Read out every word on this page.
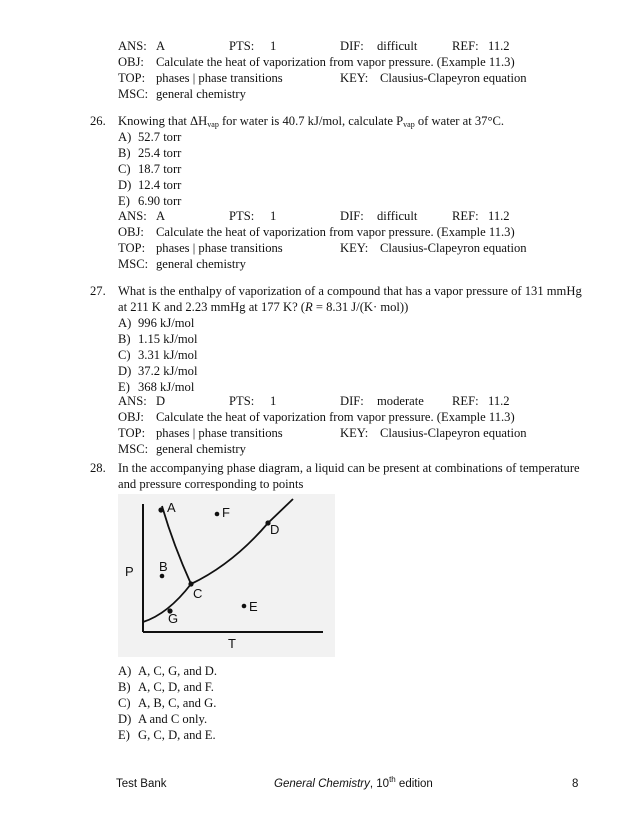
ANS: A	PTS: 1	DIF: difficult	REF: 11.2
OBJ: Calculate the heat of vaporization from vapor pressure. (Example 11.3)
TOP: phases | phase transitions	KEY: Clausius-Clapeyron equation
MSC: general chemistry
26. Knowing that $\Delta H_{vap}$ for water is 40.7 kJ/mol, calculate $P_{vap}$ of water at 37°C.
A) 52.7 torr
B) 25.4 torr
C) 18.7 torr
D) 12.4 torr
E) 6.90 torr
ANS: A	PTS: 1	DIF: difficult	REF: 11.2
OBJ: Calculate the heat of vaporization from vapor pressure. (Example 11.3)
TOP: phases | phase transitions	KEY: Clausius-Clapeyron equation
MSC: general chemistry
27. What is the enthalpy of vaporization of a compound that has a vapor pressure of 131 mmHg
at 211 K and 2.23 mmHg at 177 K? (R = 8.31 J/(K· mol))
A) 996 kJ/mol
B) 1.15 kJ/mol
C) 3.31 kJ/mol
D) 37.2 kJ/mol
E) 368 kJ/mol
ANS: D	PTS: 1	DIF: moderate REF: 11.2
OBJ: Calculate the heat of vaporization from vapor pressure. (Example 11.3)
TOP: phases | phase transitions	KEY: Clausius-Clapeyron equation
MSC: general chemistry
28. In the accompanying phase diagram, a liquid can be present at combinations of temperature
and pressure corresponding to points
A	F
D
P B
C
E
G
T
A) A, C, G, and D.
B) A, C, D, and F.
C) A, B, C, and G.
D) A and C only.
E) G, C, D, and E.
Test Bank	General Chemistry, 10th edition	8
